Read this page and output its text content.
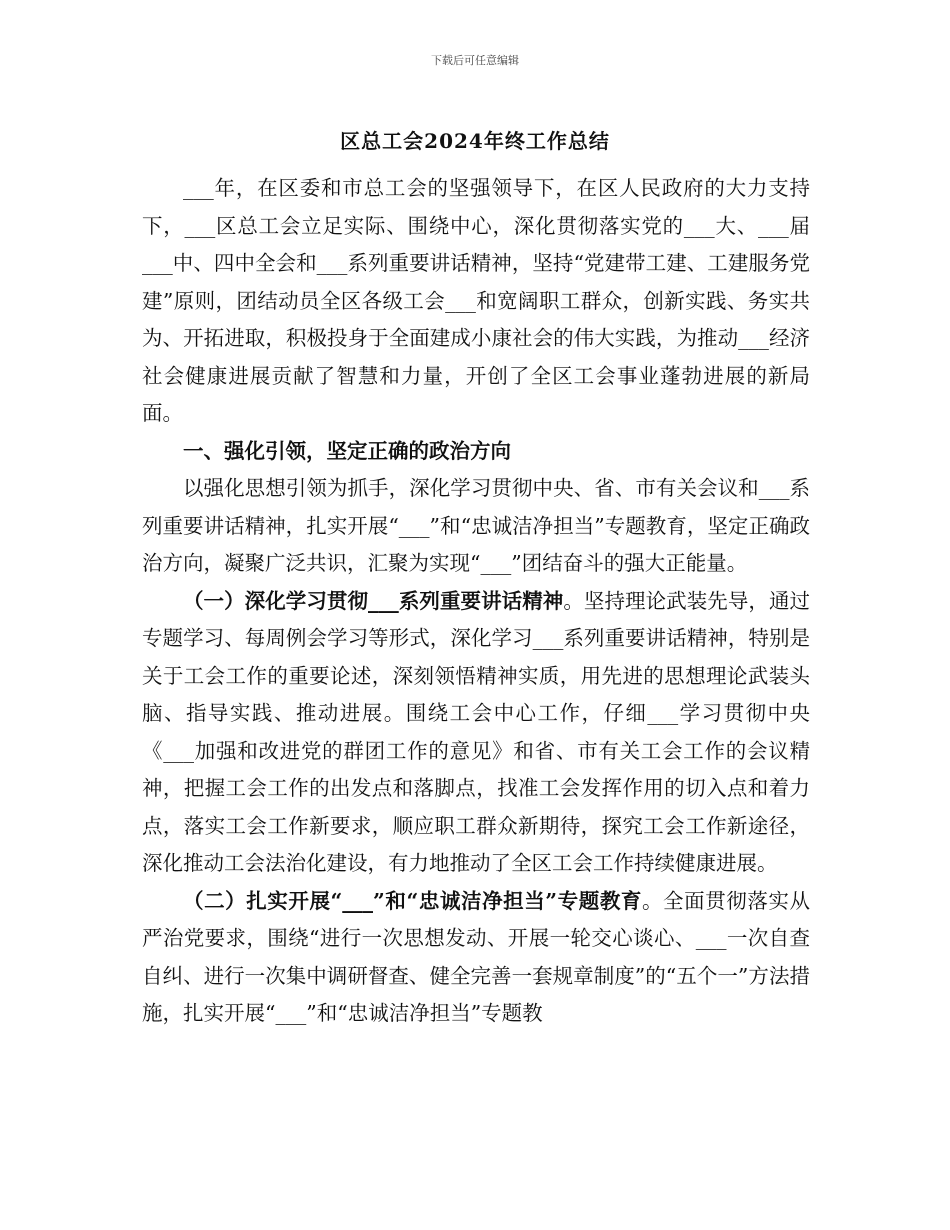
下载后可任意编辑
区总工会2024年终工作总结

___年，在区委和市总工会的坚强领导下，在区人民政府的大力支持下，___区总工会立足实际、围绕中心，深化贯彻落实党的___大、___届___中、四中全会和___系列重要讲话精神，坚持“党建带工建、工建服务党建”原则，团结动员全区各级工会___和宽阔职工群众，创新实践、务实共为、开拓进取，积极投身于全面建成小康社会的伟大实践，为推动___经济社会健康进展贡献了智慧和力量，开创了全区工会事业蓬勃进展的新局面。

一、强化引领，坚定正确的政治方向

以强化思想引领为抓手，深化学习贯彻中央、省、市有关会议和___系列重要讲话精神，扎实开展“___”和“忠诚洁净担当”专题教育，坚定正确政治方向，凝聚广泛共识，汇聚为实现“___”团结奋斗的强大正能量。

（一）深化学习贯彻___系列重要讲话精神。坚持理论武装先导，通过专题学习、每周例会学习等形式，深化学习___系列重要讲话精神，特别是关于工会工作的重要论述，深刻领悟精神实质，用先进的思想理论武装头脑、指导实践、推动进展。围绕工会中心工作，仔细___学习贯彻中央《___加强和改进党的群团工作的意见》和省、市有关工会工作的会议精神，把握工会工作的出发点和落脚点，找准工会发挥作用的切入点和着力点，落实工会工作新要求，顺应职工群众新期待，探究工会工作新途径，深化推动工会法治化建设，有力地推动了全区工会工作持续健康进展。

（二）扎实开展“___”和“忠诚洁净担当”专题教育。全面贯彻落实从严治党要求，围绕“进行一次思想发动、开展一轮交心谈心、___一次自查自纠、进行一次集中调研督查、健全完善一套规章制度”的“五个一”方法措施，扎实开展“___”和“忠诚洁净担当”专题教
